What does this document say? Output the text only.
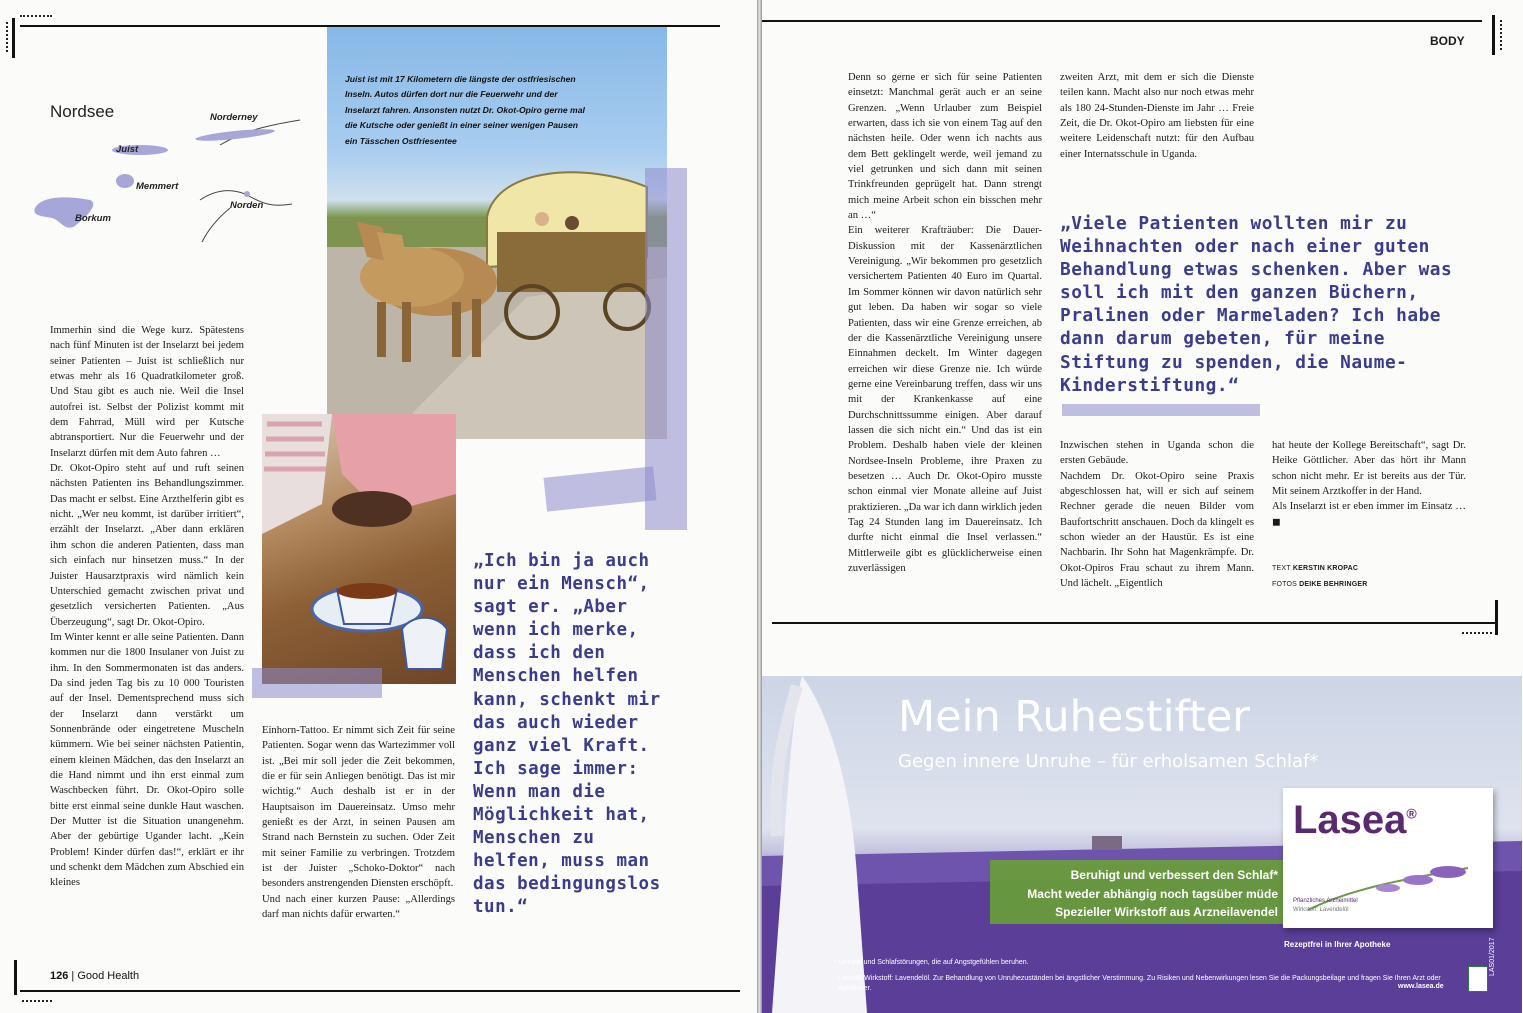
Nordsee	Norderney
Juist
Memmert
Borkum
Norden
Juist ist mit 17 Kilometern die längste der ostfriesischen Inseln. Autos dürfen dort nur die Feuerwehr und der Inselarzt fahren. Ansonsten nutzt Dr. Okot-Opiro gerne mal die Kutsche oder genießt in einer seiner wenigen Pausen ein Tässchen Ostfriesentee

Immerhin sind die Wege kurz. Spätestens nach fünf Minuten ist der Inselarzt bei jedem seiner Patienten – Juist ist schließlich nur etwas mehr als 16 Quadratkilometer groß. Und Stau gibt es auch nie. Weil die Insel autofrei ist. Selbst der Polizist kommt mit dem Fahrrad, Müll wird per Kutsche abtransportiert. Nur die Feuerwehr und der Inselarzt dürfen mit dem Auto fahren …

Dr. Okot-Opiro steht auf und ruft seinen nächsten Patienten ins Behandlungszimmer. Das macht er selbst. Eine Arzthelferin gibt es nicht. „Wer neu kommt, ist darüber irritiert“, erzählt der Inselarzt. „Aber dann erklären ihm schon die anderen Patienten, dass man sich einfach nur hinsetzen muss.“ In der Juister Hausarztpraxis wird nämlich kein Unterschied gemacht zwischen privat und gesetzlich versicherten Patienten. „Aus Überzeugung“, sagt Dr. Okot-Opiro.

Im Winter kennt er alle seine Patienten. Dann kommen nur die 1800 Insulaner von Juist zu ihm. In den Sommermonaten ist das anders. Da sind jeden Tag bis zu 10 000 Touristen auf der Insel. Dementsprechend muss sich der Inselarzt dann verstärkt um Sonnenbrände oder eingetretene Muscheln kümmern. Wie bei seiner nächsten Patientin, einem kleinen Mädchen, das den Inselarzt an die Hand nimmt und ihn erst einmal zum Waschbecken führt. Dr. Okot-Opiro solle bitte erst einmal seine dunkle Haut waschen. Der Mutter ist die Situation unangenehm. Aber der gebürtige Ugander lacht. „Kein Problem! Kinder dürfen das!“, erklärt er ihr und schenkt dem Mädchen zum Abschied ein kleines

Einhorn-Tattoo. Er nimmt sich Zeit für seine Patienten. Sogar wenn das Wartezimmer voll ist. „Bei mir soll jeder die Zeit bekommen, die er für sein Anliegen benötigt. Das ist mir wichtig.“ Auch deshalb ist er in der Hauptsaison im Dauereinsatz. Umso mehr genießt es der Arzt, in seinen Pausen am Strand nach Bernstein zu suchen. Oder Zeit mit seiner Familie zu verbringen. Trotzdem ist der Juister „Schoko-Doktor“ nach besonders anstrengenden Diensten erschöpft.

Und nach einer kurzen Pause: „Allerdings darf man nichts dafür erwarten.“

„Ich bin ja auch nur ein Mensch“, sagt er. „Aber wenn ich merke, dass ich den Menschen helfen kann, schenkt mir das auch wieder ganz viel Kraft. Ich sage immer: Wenn man die Möglichkeit hat, Menschen zu helfen, muss man das bedingungslos tun.“
126 | Good Health
BODY

Denn so gerne er sich für seine Patienten einsetzt: Manchmal gerät auch er an seine Grenzen. „Wenn Urlauber zum Beispiel erwarten, dass ich sie von einem Tag auf den nächsten heile. Oder wenn ich nachts aus dem Bett geklingelt werde, weil jemand zu viel getrunken und sich dann mit seinen Trinkfreunden geprügelt hat. Dann strengt mich meine Arbeit schon ein bisschen mehr an …“

Ein weiterer Krafträuber: Die Dauer-Diskussion mit der Kassenärztlichen Vereinigung. „Wir bekommen pro gesetzlich versichertem Patienten 40 Euro im Quartal. Im Sommer können wir davon natürlich sehr gut leben. Da haben wir sogar so viele Patienten, dass wir eine Grenze erreichen, ab der die Kassenärztliche Vereinigung unsere Einnahmen deckelt. Im Winter dagegen erreichen wir diese Grenze nie. Ich würde gerne eine Vereinbarung treffen, dass wir uns mit der Krankenkasse auf eine Durchschnittssumme einigen. Aber darauf lassen die sich nicht ein.“ Und das ist ein Problem. Deshalb haben viele der kleinen Nordsee-Inseln Probleme, ihre Praxen zu besetzen … Auch Dr. Okot-Opiro musste schon einmal vier Monate alleine auf Juist praktizieren. „Da war ich dann wirklich jeden Tag 24 Stunden lang im Dauereinsatz. Ich durfte nicht einmal die Insel verlassen.“ Mittlerweile gibt es glücklicherweise einen zuverlässigen

zweiten Arzt, mit dem er sich die Dienste teilen kann. Macht also nur noch etwas mehr als 180 24-Stunden-Dienste im Jahr … Freie Zeit, die Dr. Okot-Opiro am liebsten für eine weitere Leidenschaft nutzt: für den Aufbau einer Internatsschule in Uganda.
„Viele Patienten wollten mir zu Weihnachten oder nach einer guten Behandlung etwas schenken. Aber was soll ich mit den ganzen Büchern, Pralinen oder Marmeladen? Ich habe dann darum gebeten, für meine Stiftung zu spenden, die Naume-Kinderstiftung.“

Inzwischen stehen in Uganda schon die ersten Gebäude.

Nachdem Dr. Okot-Opiro seine Praxis abgeschlossen hat, will er sich auf seinem Rechner gerade die neuen Bilder vom Baufortschritt anschauen. Doch da klingelt es schon wieder an der Haustür. Es ist eine Nachbarin. Ihr Sohn hat Magenkrämpfe. Dr. Okot-Opiros Frau schaut zu ihrem Mann. Und lächelt. „Eigentlich

hat heute der Kollege Bereitschaft“, sagt Dr. Heike Göttlicher. Aber das hört ihr Mann schon nicht mehr. Er ist bereits aus der Tür. Mit seinem Arztkoffer in der Hand.

Als Inselarzt ist er eben immer im Einsatz … ◼

TEXT KERSTIN KROPAC
FOTOS DEIKE BEHRINGER
Mein Ruhestifter
Gegen innere Unruhe – für erholsamen Schlaf*
Beruhigt und verbessert den Schlaf*
Macht weder abhängig noch tagsüber müde
Spezieller Wirkstoff aus Arzneilavendel
Lasea®
Pflanzliches Arzneimittel
Wirkstoff: Lavendelöl
Rezeptfrei in Ihrer Apotheke
* Unruhe und Schlafstörungen, die auf Angstgefühlen beruhen.
Lasea® Wirkstoff: Lavendelöl. Zur Behandlung von Unruhezuständen bei ängstlicher Verstimmung. Zu Risiken und Nebenwirkungen lesen Sie die Packungsbeilage und fragen Sie Ihren Arzt oder Apotheker.	www.lasea.de
LAS01/2017
